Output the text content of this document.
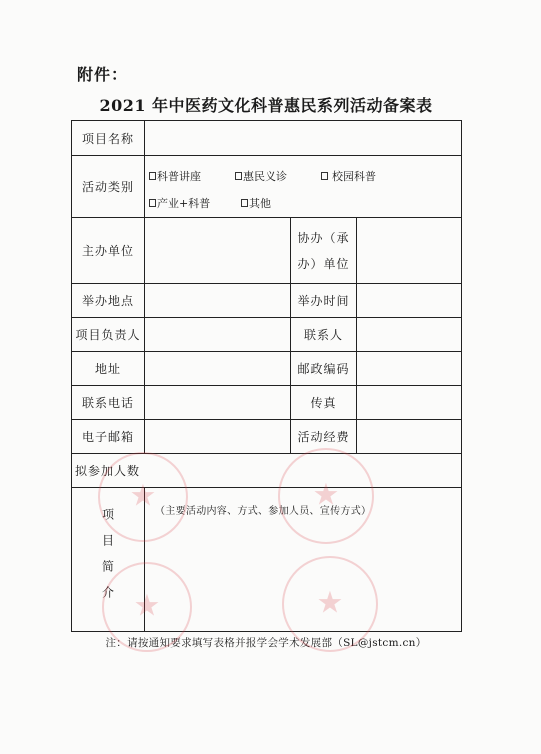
附件：
2021 年中医药文化科普惠民系列活动备案表
项目名称			
活动类别	科普讲座 惠民义诊 校园科普
产业+科普 其他		

主办单位		协办（承
办）单位	

举办地点		举办时间	
项目负责人		联系人	
地址		邮政编码	
联系电话		传真	
电子邮箱		活动经费	
拟参加人数			

项目简介	（主要活动内容、方式、参加人员、宣传方式）		
注：请按通知要求填写表格并报学会学术发展部（SL@jstcm.cn）
★	★
★	★
